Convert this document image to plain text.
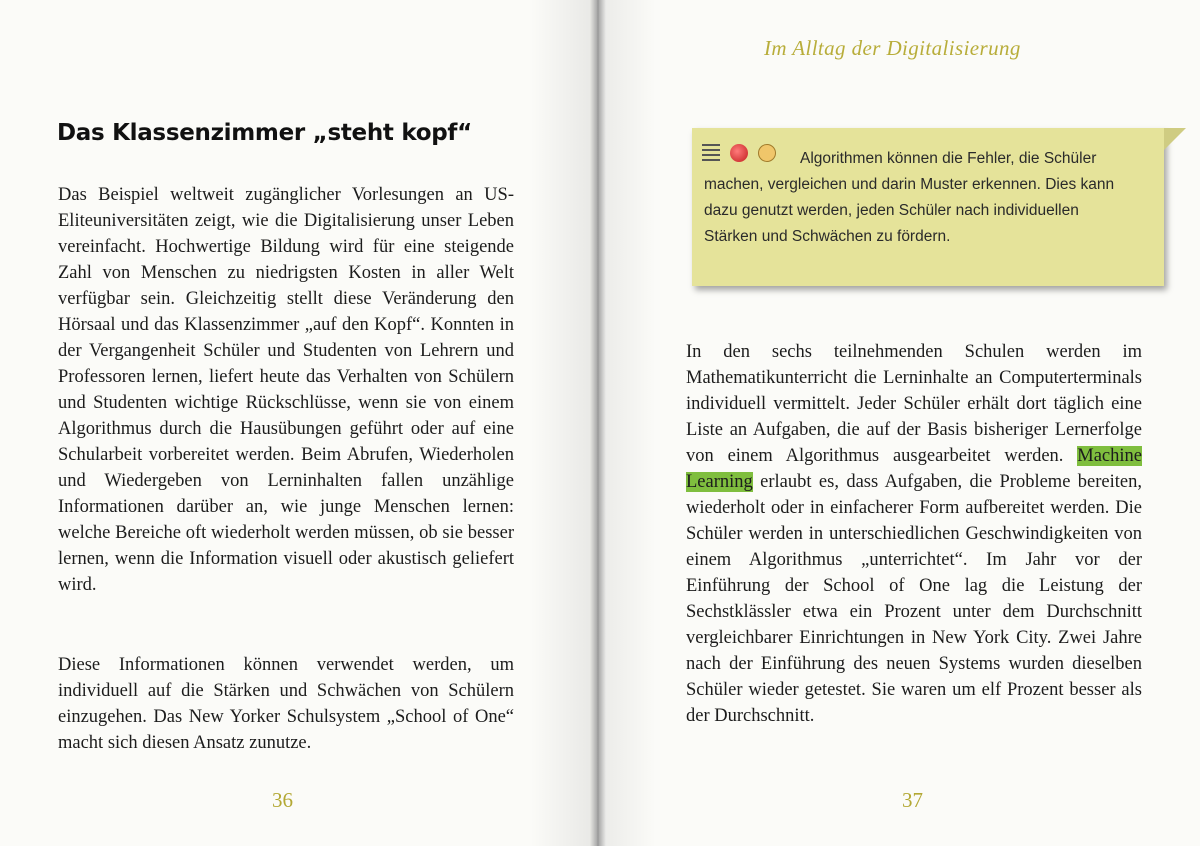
Das Klassenzimmer „steht kopf“

Das Beispiel weltweit zugänglicher Vorlesungen an US-Eliteuniversitäten zeigt, wie die Digitalisierung unser Leben vereinfacht. Hochwertige Bildung wird für eine steigende Zahl von Menschen zu niedrigsten Kosten in aller Welt verfügbar sein. Gleichzeitig stellt diese Veränderung den Hörsaal und das Klassenzimmer „auf den Kopf“. Konnten in der Vergangenheit Schüler und Studenten von Lehrern und Professoren lernen, liefert heute das Verhalten von Schülern und Studenten wichtige Rückschlüsse, wenn sie von einem Algorithmus durch die Hausübungen geführt oder auf eine Schularbeit vorbereitet werden. Beim Abrufen, Wiederholen und Wiedergeben von Lerninhalten fallen unzählige Informationen darüber an, wie junge Menschen lernen: welche Bereiche oft wiederholt werden müssen, ob sie besser lernen, wenn die Information visuell oder akustisch geliefert wird.

Diese Informationen können verwendet werden, um individuell auf die Stärken und Schwächen von Schülern einzugehen. Das New Yorker Schulsystem „School of One“ macht sich diesen Ansatz zunutze.

36
Im Alltag der Digitalisierung

Algorithmen können die Fehler, die Schüler machen, vergleichen und darin Muster erkennen. Dies kann dazu genutzt werden, jeden Schüler nach individuellen Stärken und Schwächen zu fördern.

In den sechs teilnehmenden Schulen werden im Mathematikunterricht die Lerninhalte an Computerterminals individuell vermittelt. Jeder Schüler erhält dort täglich eine Liste an Aufgaben, die auf der Basis bisheriger Lernerfolge von einem Algorithmus ausgearbeitet werden. Machine Learning erlaubt es, dass Aufgaben, die Probleme bereiten, wiederholt oder in einfacherer Form aufbereitet werden. Die Schüler werden in unterschiedlichen Geschwindigkeiten von einem Algorithmus „unterrichtet“. Im Jahr vor der Einführung der School of One lag die Leistung der Sechstklässler etwa ein Prozent unter dem Durchschnitt vergleichbarer Einrichtungen in New York City. Zwei Jahre nach der Einführung des neuen Systems wurden dieselben Schüler wieder getestet. Sie waren um elf Prozent besser als der Durchschnitt.

37
